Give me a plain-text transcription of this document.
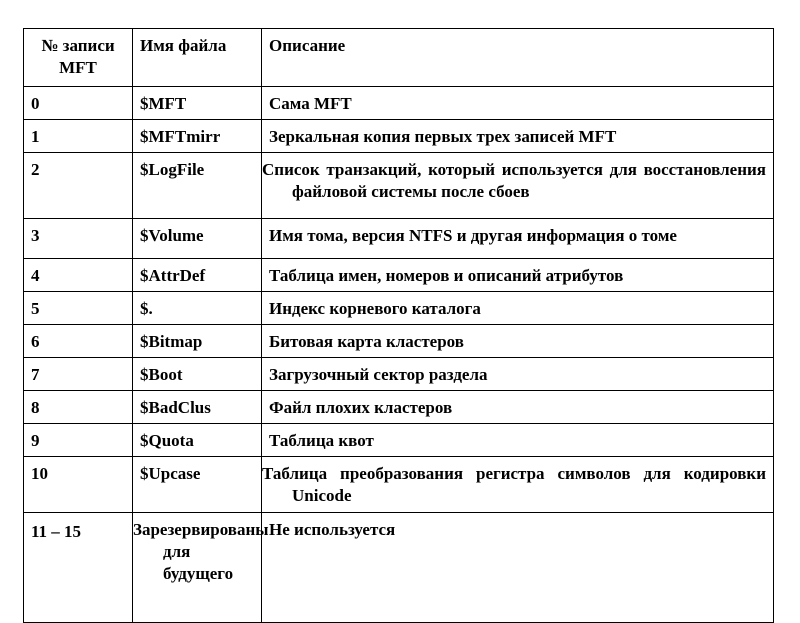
№ записи MFT	Имя файла	Описание
0	$MFT	Сама MFT
1	$MFTmirr	Зеркальная копия первых трех записей MFT
2	$LogFile	Список транзакций, который используется для восстановления файловой системы после сбоев
3	$Volume	Имя тома, версия NTFS и другая информация о томе
4	$AttrDef	Таблица имен, номеров и описаний атрибутов
5	$.	Индекс корневого каталога
6	$Bitmap	Битовая карта кластеров
7	$Boot	Загрузочный сектор раздела
8	$BadClus	Файл плохих кластеров
9	$Quota	Таблица квот
10	$Upcase	Таблица преобразования регистра символов для кодировки Unicode
11 – 15	Зарезервированы для будущего	Не используется
